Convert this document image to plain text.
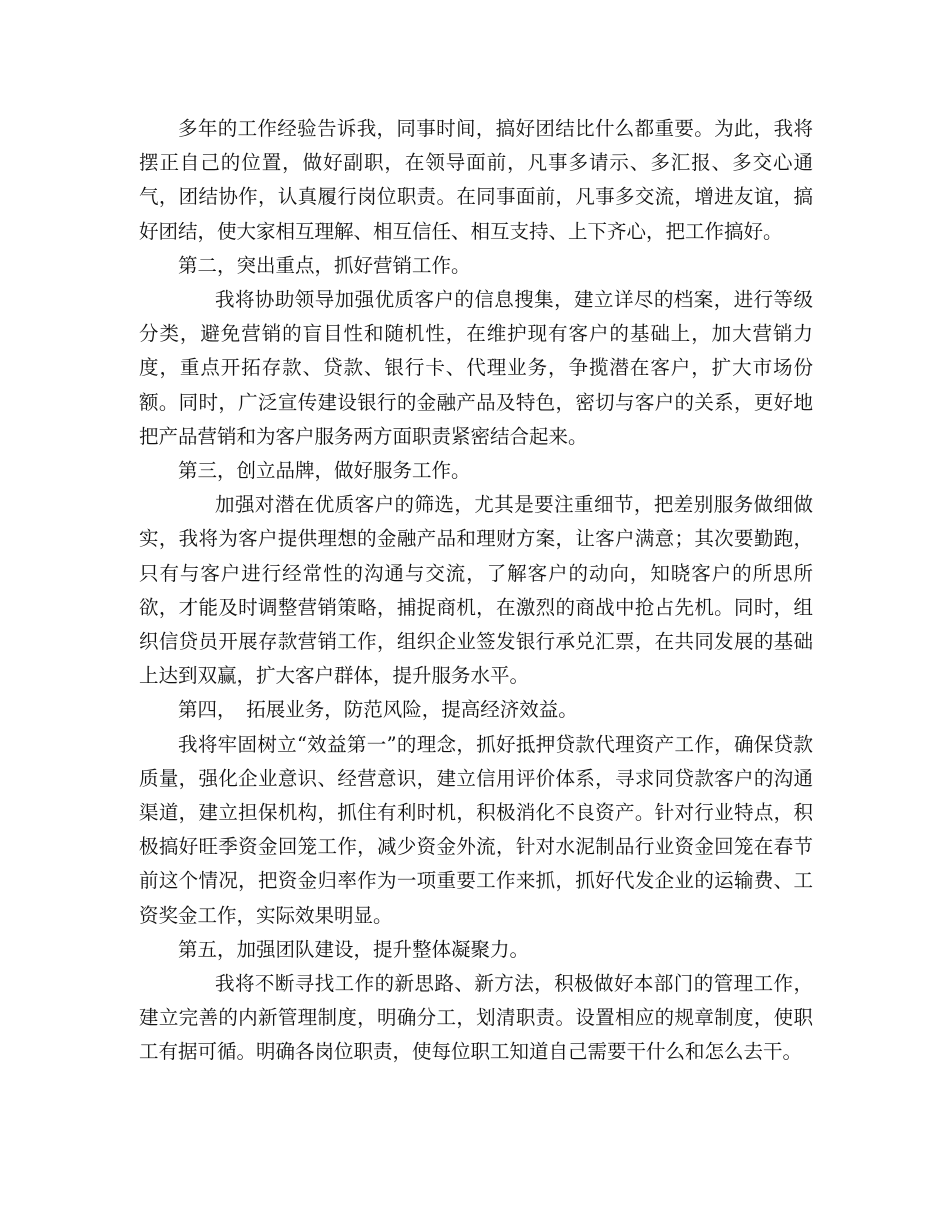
多年的工作经验告诉我，同事时间，搞好团结比什么都重要。为此，我将摆正自己的位置，做好副职，在领导面前，凡事多请示、多汇报、多交心通气，团结协作，认真履行岗位职责。在同事面前，凡事多交流，增进友谊，搞好团结，使大家相互理解、相互信任、相互支持、上下齐心，把工作搞好。

第二，突出重点，抓好营销工作。

我将协助领导加强优质客户的信息搜集，建立详尽的档案，进行等级分类，避免营销的盲目性和随机性，在维护现有客户的基础上，加大营销力度，重点开拓存款、贷款、银行卡、代理业务，争揽潜在客户，扩大市场份额。同时，广泛宣传建设银行的金融产品及特色，密切与客户的关系，更好地把产品营销和为客户服务两方面职责紧密结合起来。

第三，创立品牌，做好服务工作。

加强对潜在优质客户的筛选，尤其是要注重细节，把差别服务做细做实，我将为客户提供理想的金融产品和理财方案，让客户满意；其次要勤跑，只有与客户进行经常性的沟通与交流，了解客户的动向，知晓客户的所思所欲，才能及时调整营销策略，捕捉商机，在激烈的商战中抢占先机。同时，组织信贷员开展存款营销工作，组织企业签发银行承兑汇票，在共同发展的基础上达到双赢，扩大客户群体，提升服务水平。

第四，　拓展业务，防范风险，提高经济效益。

我将牢固树立“效益第一”的理念，抓好抵押贷款代理资产工作，确保贷款质量，强化企业意识、经营意识，建立信用评价体系，寻求同贷款客户的沟通渠道，建立担保机构，抓住有利时机，积极消化不良资产。针对行业特点，积极搞好旺季资金回笼工作，减少资金外流，针对水泥制品行业资金回笼在春节前这个情况，把资金归率作为一项重要工作来抓，抓好代发企业的运输费、工资奖金工作，实际效果明显。

第五，加强团队建设，提升整体凝聚力。

我将不断寻找工作的新思路、新方法，积极做好本部门的管理工作，建立完善的内新管理制度，明确分工，划清职责。设置相应的规章制度，使职工有据可循。明确各岗位职责，使每位职工知道自己需要干什么和怎么去干。
